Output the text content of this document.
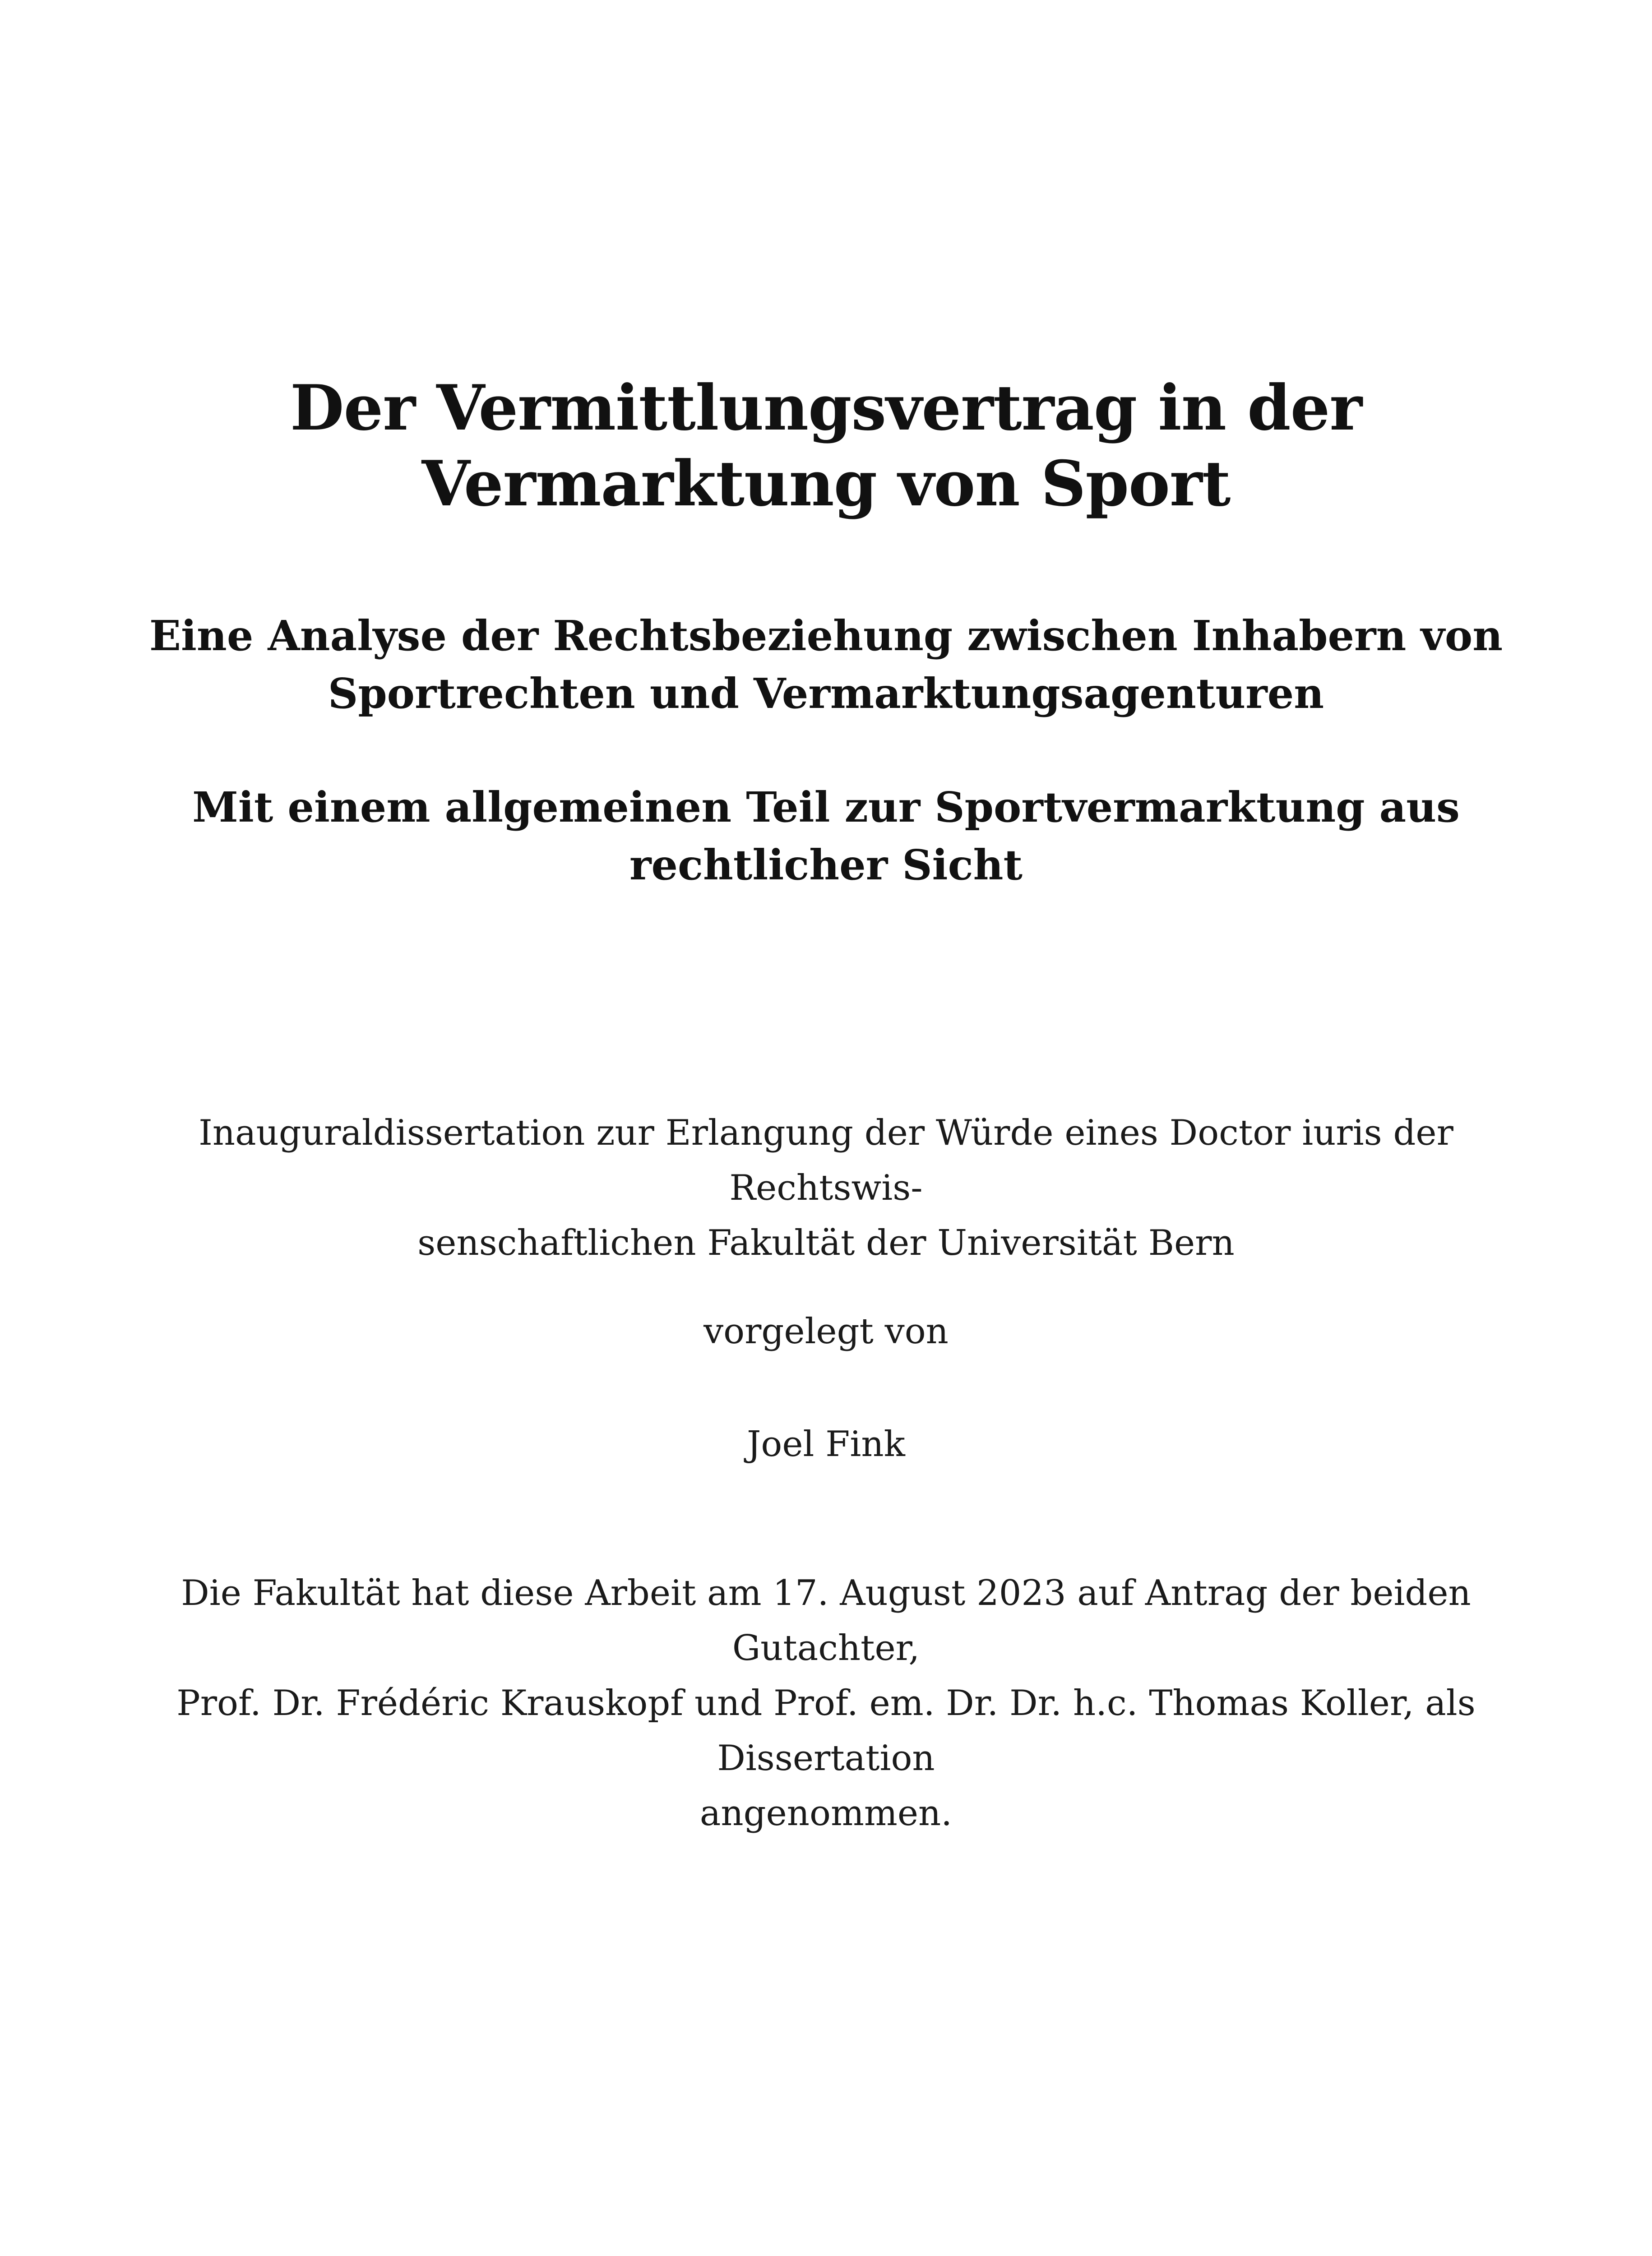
Der Vermittlungsvertrag in der Vermarktung von Sport
Eine Analyse der Rechtsbeziehung zwischen Inhabern von Sportrechten und Vermarktungsagenturen
Mit einem allgemeinen Teil zur Sportvermarktung aus rechtlicher Sicht
Inauguraldissertation zur Erlangung der Würde eines Doctor iuris der Rechtswis-
senschaftlichen Fakultät der Universität Bern
vorgelegt von
Joel Fink
Die Fakultät hat diese Arbeit am 17. August 2023 auf Antrag der beiden Gutachter,
Prof. Dr. Frédéric Krauskopf und Prof. em. Dr. Dr. h.c. Thomas Koller, als Dissertation
angenommen.
